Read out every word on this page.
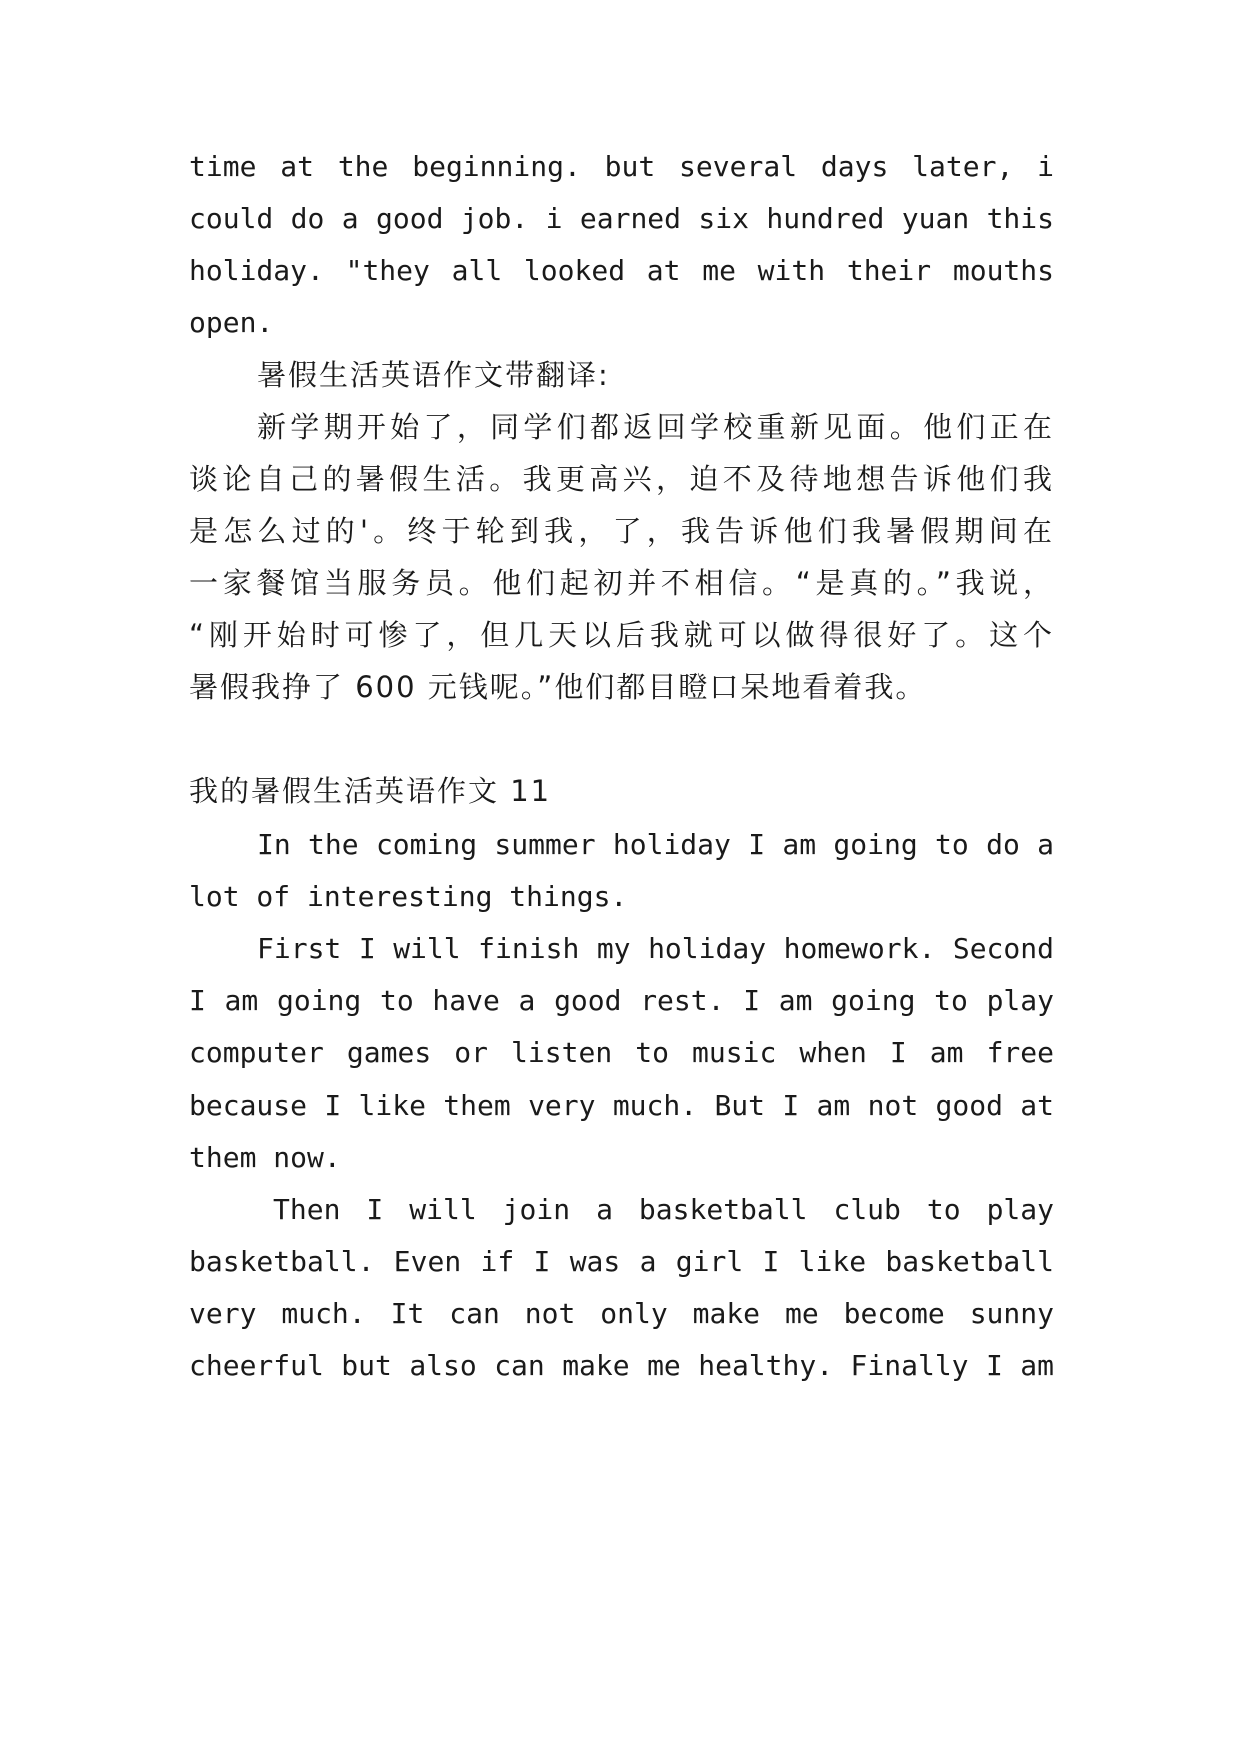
time at the beginning. but several days later, i
could do a good job. i earned six hundred yuan this
holiday. "they all looked at me with their mouths
open.
暑假生活英语作文带翻译:
新学期开始了，同学们都返回学校重新见面。他们正在
谈论自己的暑假生活。我更高兴，迫不及待地想告诉他们我
是怎么过的'。终于轮到我，了，我告诉他们我暑假期间在
一家餐馆当服务员。他们起初并不相信。“是真的。”我说，
“刚开始时可惨了，但几天以后我就可以做得很好了。这个
暑假我挣了 600 元钱呢。”他们都目瞪口呆地看着我。
我的暑假生活英语作文 11
In the coming summer holiday I am going to do a
lot of interesting things.
First I will finish my holiday homework. Second
I am going to have a good rest. I am going to play
computer games or listen to music when I am free
because I like them very much. But I am not good at
them now.
Then I will join a basketball club to play
basketball. Even if I was a girl I like basketball
very much. It can not only make me become sunny
cheerful but also can make me healthy. Finally I am
